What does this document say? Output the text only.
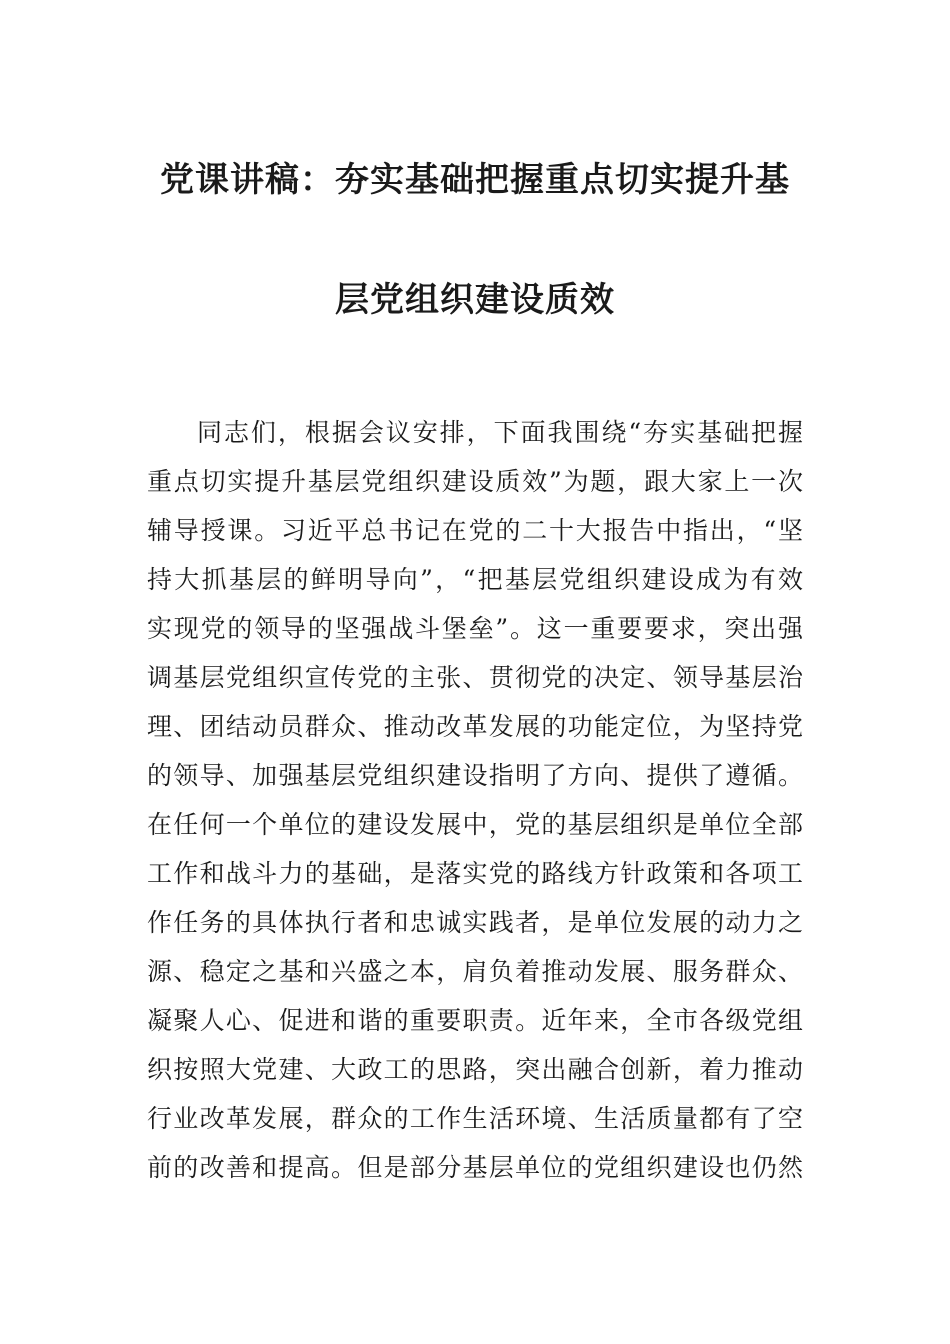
党课讲稿：夯实基础把握重点切实提升基
层党组织建设质效
同志们，根据会议安排，下面我围绕“夯实基础把握
重点切实提升基层党组织建设质效”为题，跟大家上一次
辅导授课。习近平总书记在党的二十大报告中指出，“坚
持大抓基层的鲜明导向”，“把基层党组织建设成为有效
实现党的领导的坚强战斗堡垒”。这一重要要求，突出强
调基层党组织宣传党的主张、贯彻党的决定、领导基层治
理、团结动员群众、推动改革发展的功能定位，为坚持党
的领导、加强基层党组织建设指明了方向、提供了遵循。
在任何一个单位的建设发展中，党的基层组织是单位全部
工作和战斗力的基础，是落实党的路线方针政策和各项工
作任务的具体执行者和忠诚实践者，是单位发展的动力之
源、稳定之基和兴盛之本，肩负着推动发展、服务群众、
凝聚人心、促进和谐的重要职责。近年来，全市各级党组
织按照大党建、大政工的思路，突出融合创新，着力推动
行业改革发展，群众的工作生活环境、生活质量都有了空
前的改善和提高。但是部分基层单位的党组织建设也仍然
